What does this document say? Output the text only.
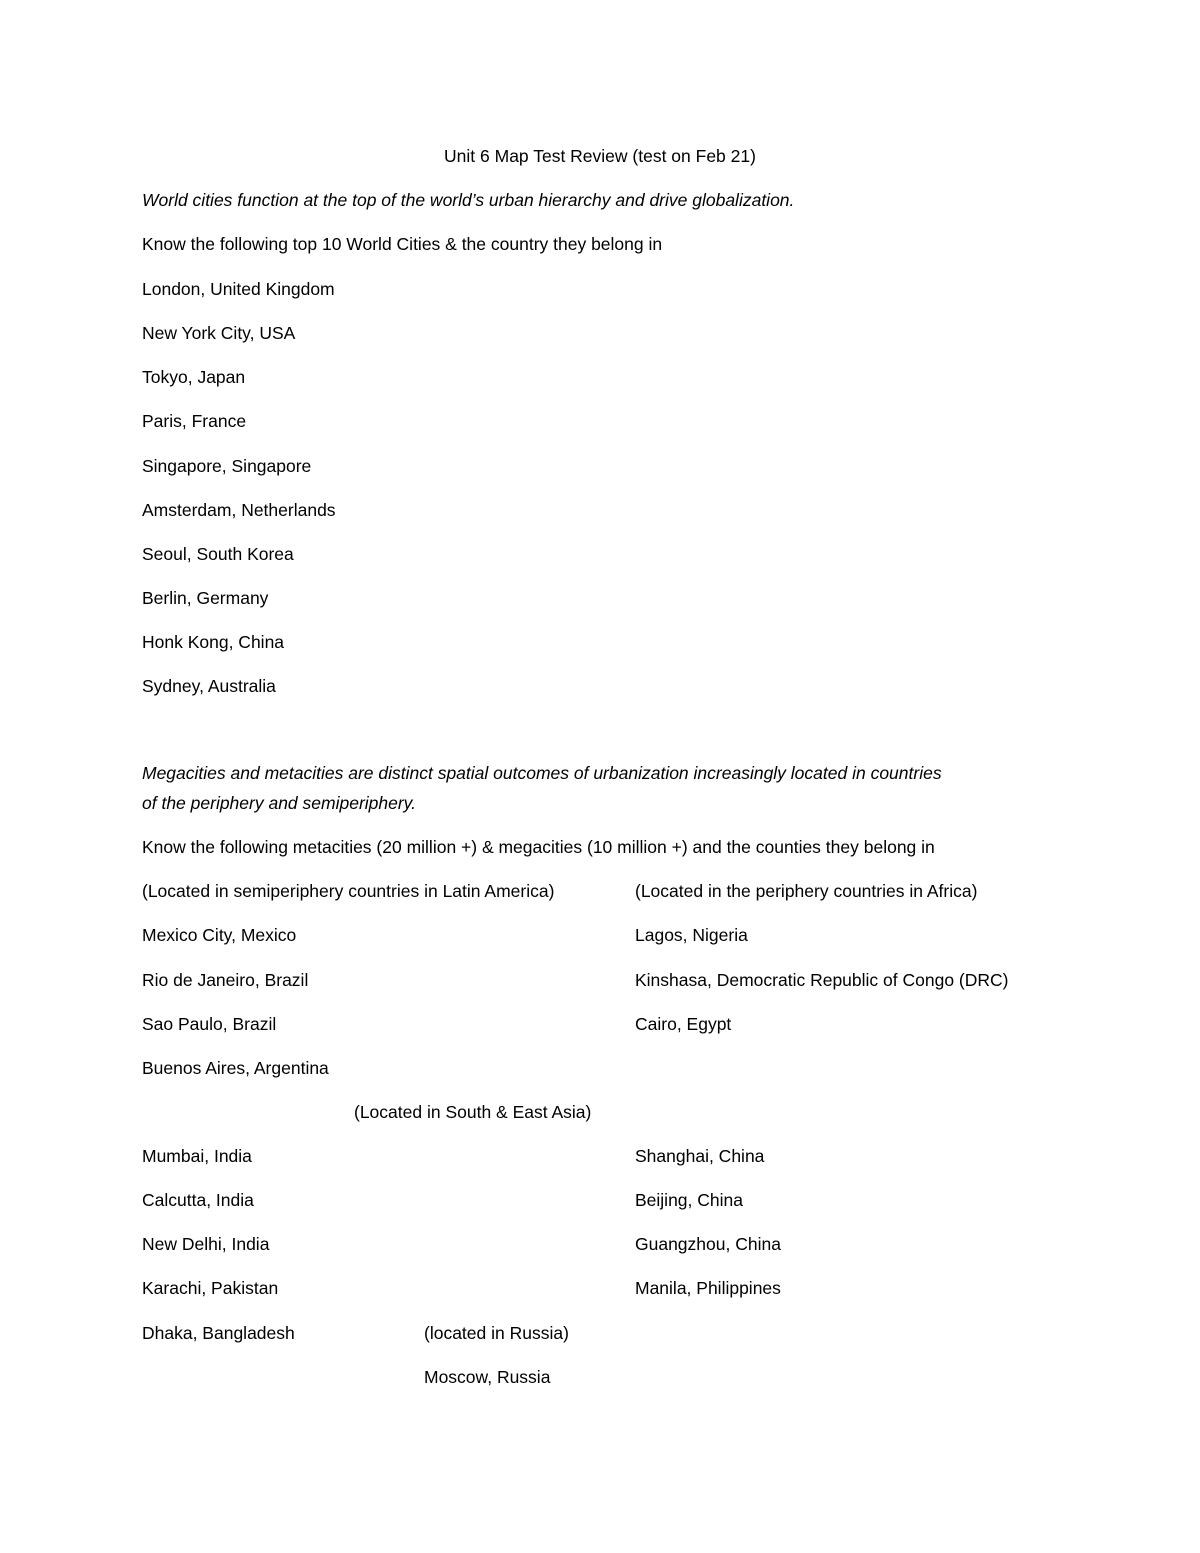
Unit 6 Map Test Review (test on Feb 21)
World cities function at the top of the world’s urban hierarchy and drive globalization.
Know the following top 10 World Cities & the country they belong in
London, United Kingdom
New York City, USA
Tokyo, Japan
Paris, France
Singapore, Singapore
Amsterdam, Netherlands
Seoul, South Korea
Berlin, Germany
Honk Kong, China
Sydney, Australia
Megacities and metacities are distinct spatial outcomes of urbanization increasingly located in countries
of the periphery and semiperiphery.
Know the following metacities (20 million +) & megacities (10 million +) and the counties they belong in
(Located in semiperiphery countries in Latin America)	(Located in the periphery countries in Africa)
Mexico City, Mexico
Rio de Janeiro, Brazil
Sao Paulo, Brazil
Buenos Aires, Argentina
Lagos, Nigeria
Kinshasa, Democratic Republic of Congo (DRC)
Cairo, Egypt
(Located in South & East Asia)
Mumbai, India
Calcutta, India
New Delhi, India
Karachi, Pakistan
Dhaka, Bangladesh
Shanghai, China
Beijing, China
Guangzhou, China
Manila, Philippines
(located in Russia)
Moscow, Russia
